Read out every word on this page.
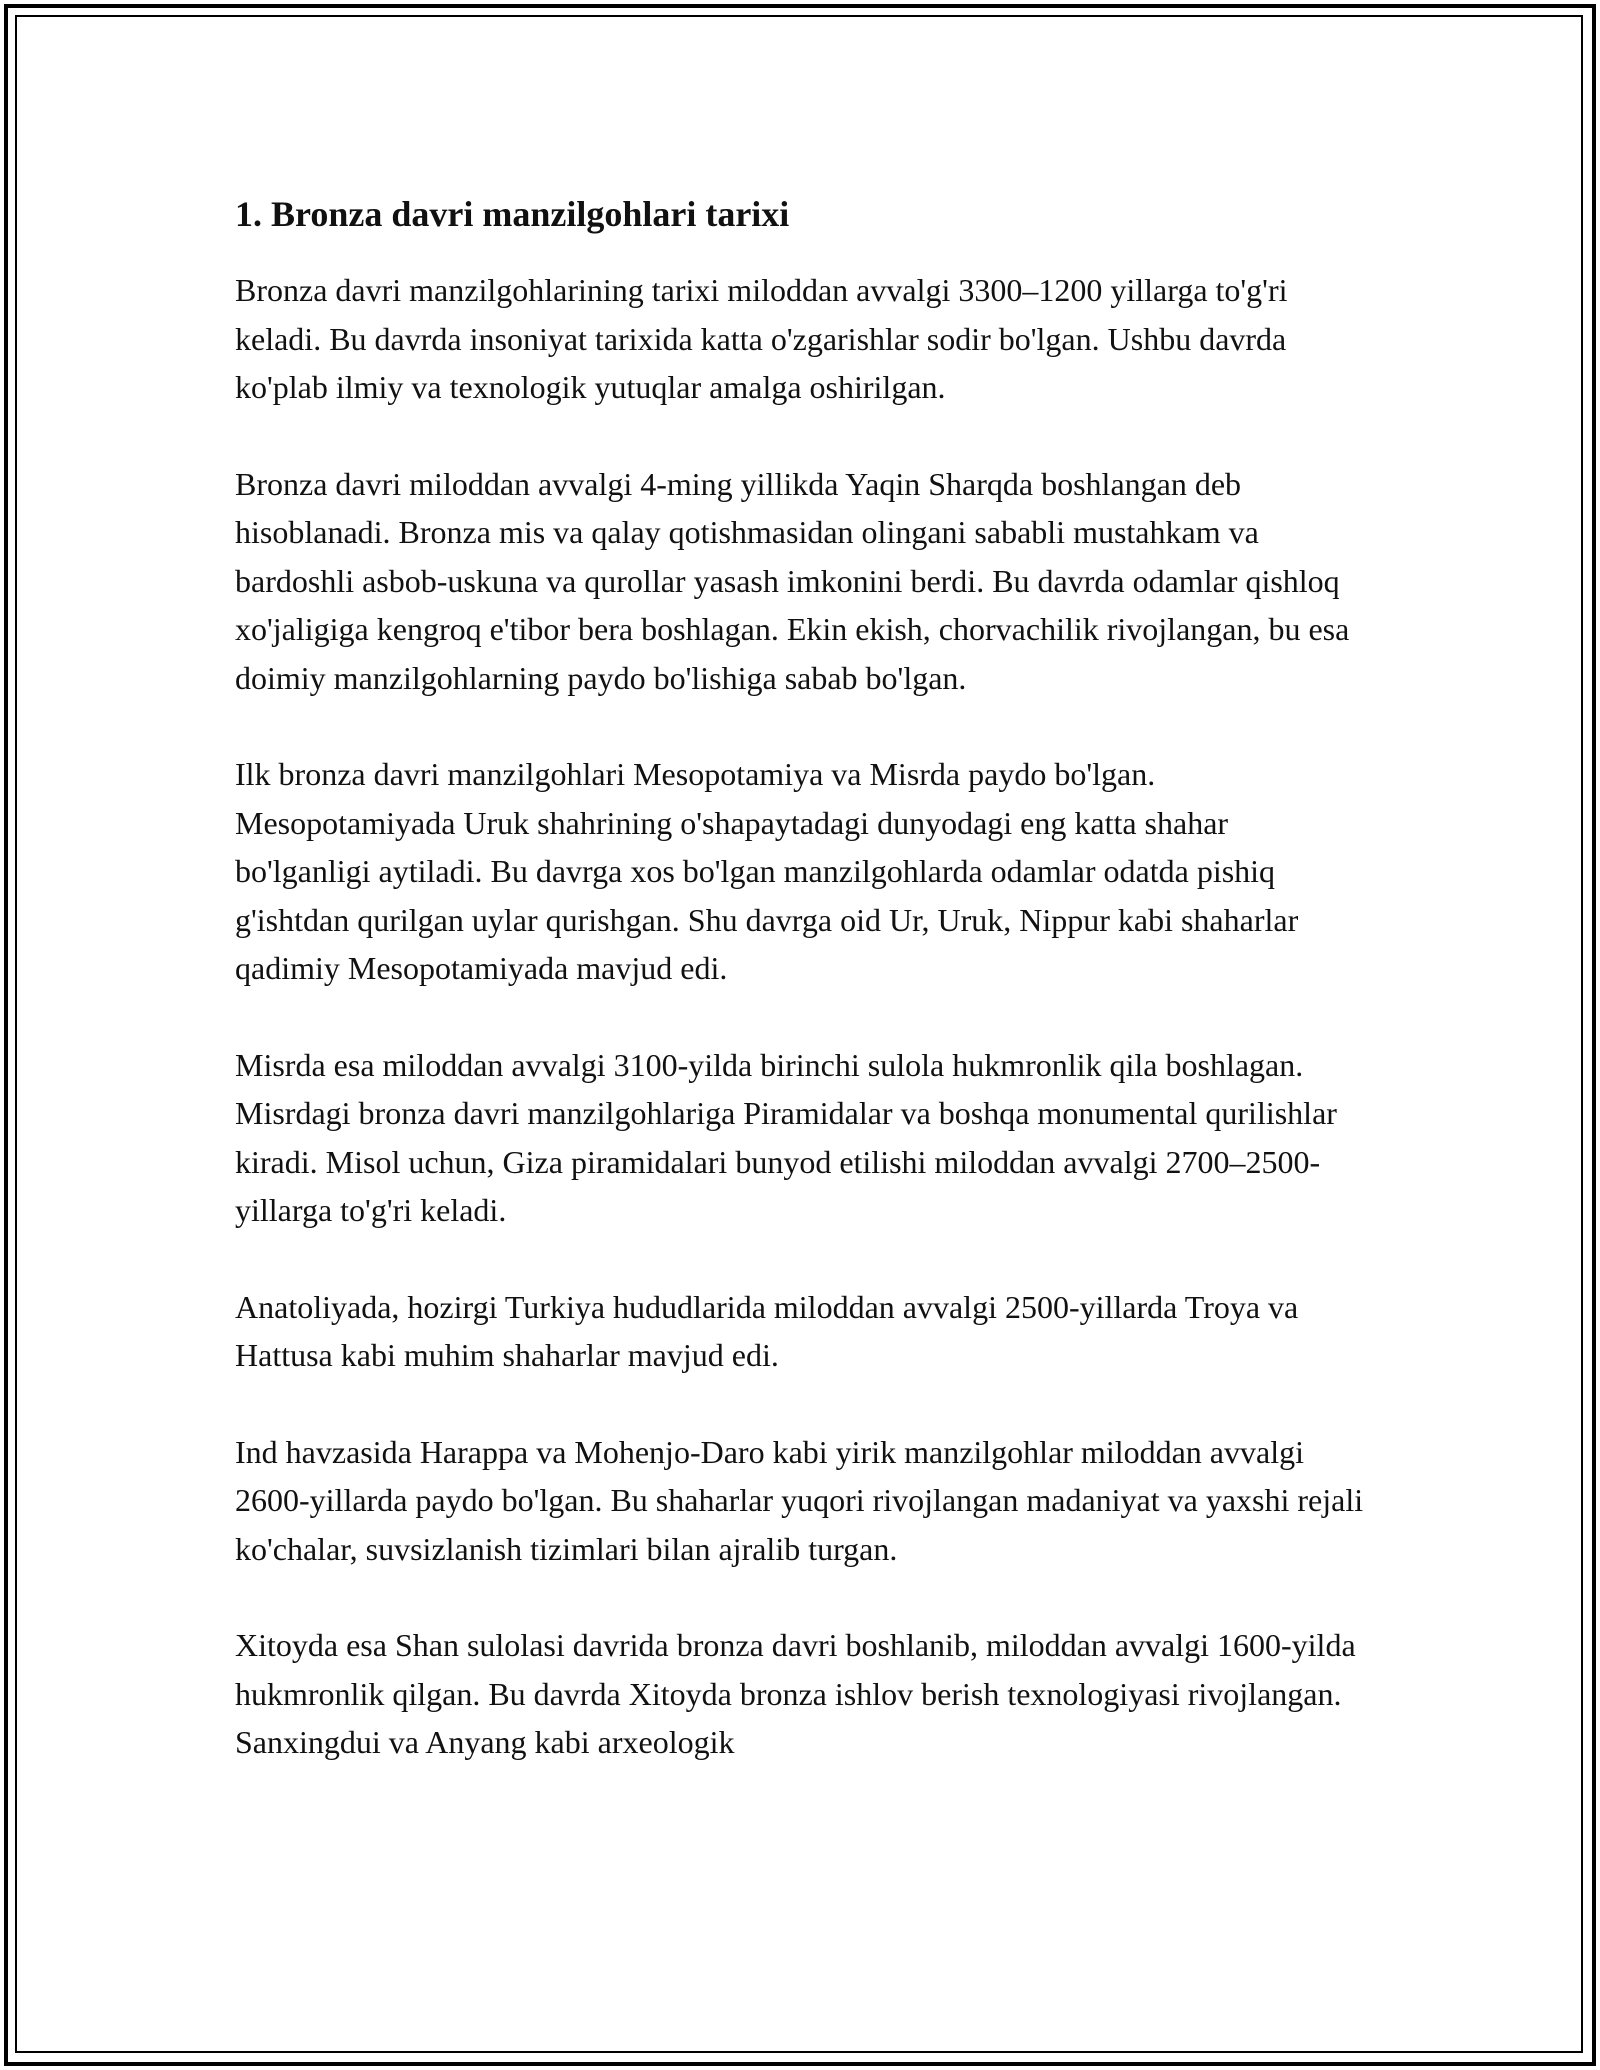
1. Bronza davri manzilgohlari tarixi

Bronza davri manzilgohlarining tarixi miloddan avvalgi 3300–1200 yillarga to'g'ri keladi. Bu davrda insoniyat tarixida katta o'zgarishlar sodir bo'lgan. Ushbu davrda ko'plab ilmiy va texnologik yutuqlar amalga oshirilgan.

Bronza davri miloddan avvalgi 4-ming yillikda Yaqin Sharqda boshlangan deb hisoblanadi. Bronza mis va qalay qotishmasidan olingani sababli mustahkam va bardoshli asbob-uskuna va qurollar yasash imkonini berdi. Bu davrda odamlar qishloq xo'jaligiga kengroq e'tibor bera boshlagan. Ekin ekish, chorvachilik rivojlangan, bu esa doimiy manzilgohlarning paydo bo'lishiga sabab bo'lgan.

Ilk bronza davri manzilgohlari Mesopotamiya va Misrda paydo bo'lgan. Mesopotamiyada Uruk shahrining o'shapaytadagi dunyodagi eng katta shahar bo'lganligi aytiladi. Bu davrga xos bo'lgan manzilgohlarda odamlar odatda pishiq g'ishtdan qurilgan uylar qurishgan. Shu davrga oid Ur, Uruk, Nippur kabi shaharlar qadimiy Mesopotamiyada mavjud edi.

Misrda esa miloddan avvalgi 3100-yilda birinchi sulola hukmronlik qila boshlagan. Misrdagi bronza davri manzilgohlariga Piramidalar va boshqa monumental qurilishlar kiradi. Misol uchun, Giza piramidalari bunyod etilishi miloddan avvalgi 2700–2500-yillarga to'g'ri keladi.

Anatoliyada, hozirgi Turkiya hududlarida miloddan avvalgi 2500-yillarda Troya va Hattusa kabi muhim shaharlar mavjud edi.

Ind havzasida Harappa va Mohenjo-Daro kabi yirik manzilgohlar miloddan avvalgi 2600-yillarda paydo bo'lgan. Bu shaharlar yuqori rivojlangan madaniyat va yaxshi rejali ko'chalar, suvsizlanish tizimlari bilan ajralib turgan.

Xitoyda esa Shan sulolasi davrida bronza davri boshlanib, miloddan avvalgi 1600-yilda hukmronlik qilgan. Bu davrda Xitoyda bronza ishlov berish texnologiyasi rivojlangan. Sanxingdui va Anyang kabi arxeologik
